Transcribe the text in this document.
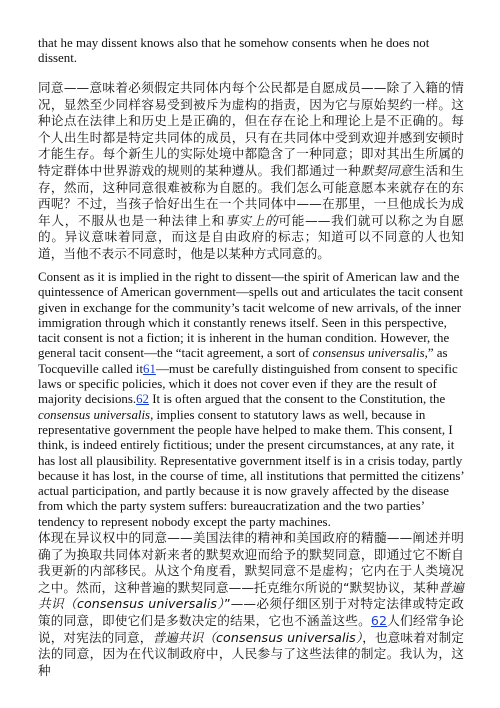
that he may dissent knows also that he somehow consents when he does not dissent.

同意——意味着必须假定共同体内每个公民都是自愿成员——除了入籍的情况，显然至少同样容易受到被斥为虚构的指责，因为它与原始契约一样。这种论点在法律上和历史上是正确的，但在存在论上和理论上是不正确的。每个人出生时都是特定共同体的成员，只有在共同体中受到欢迎并感到安顿时才能生存。每个新生儿的实际处境中都隐含了一种同意；即对其出生所属的特定群体中世界游戏的规则的某种遵从。我们都通过一种默契同意生活和生存，然而，这种同意很难被称为自愿的。我们怎么可能意愿本来就存在的东西呢？不过，当孩子恰好出生在一个共同体中——在那里，一旦他成长为成年人，不服从也是一种法律上和事实上的可能——我们就可以称之为自愿的。异议意味着同意，而这是自由政府的标志；知道可以不同意的人也知道，当他不表示不同意时，他是以某种方式同意的。

Consent as it is implied in the right to dissent—the spirit of American law and the quintessence of American government—spells out and articulates the tacit consent given in exchange for the community’s tacit welcome of new arrivals, of the inner immigration through which it constantly renews itself. Seen in this perspective, tacit consent is not a fiction; it is inherent in the human condition. However, the general tacit consent—the “tacit agreement, a sort of consensus universalis,” as Tocqueville called it61—must be carefully distinguished from consent to specific laws or specific policies, which it does not cover even if they are the result of majority decisions.62 It is often argued that the consent to the Constitution, the consensus universalis, implies consent to statutory laws as well, because in representative government the people have helped to make them. This consent, I think, is indeed entirely fictitious; under the present circumstances, at any rate, it has lost all plausibility. Representative government itself is in a crisis today, partly because it has lost, in the course of time, all institutions that permitted the citizens’ actual participation, and partly because it is now gravely affected by the disease from which the party system suffers: bureaucratization and the two parties’ tendency to represent nobody except the party machines.

体现在异议权中的同意——美国法律的精神和美国政府的精髓——阐述并明确了为换取共同体对新来者的默契欢迎而给予的默契同意，即通过它不断自我更新的内部移民。从这个角度看，默契同意不是虚构；它内在于人类境况之中。然而，这种普遍的默契同意——托克维尔所说的“默契协议，某种普遍共识（consensus universalis）”——必须仔细区别于对特定法律或特定政策的同意，即使它们是多数决定的结果，它也不涵盖这些。62人们经常争论说，对宪法的同意，普遍共识（consensus universalis），也意味着对制定法的同意，因为在代议制政府中，人民参与了这些法律的制定。我认为，这种
